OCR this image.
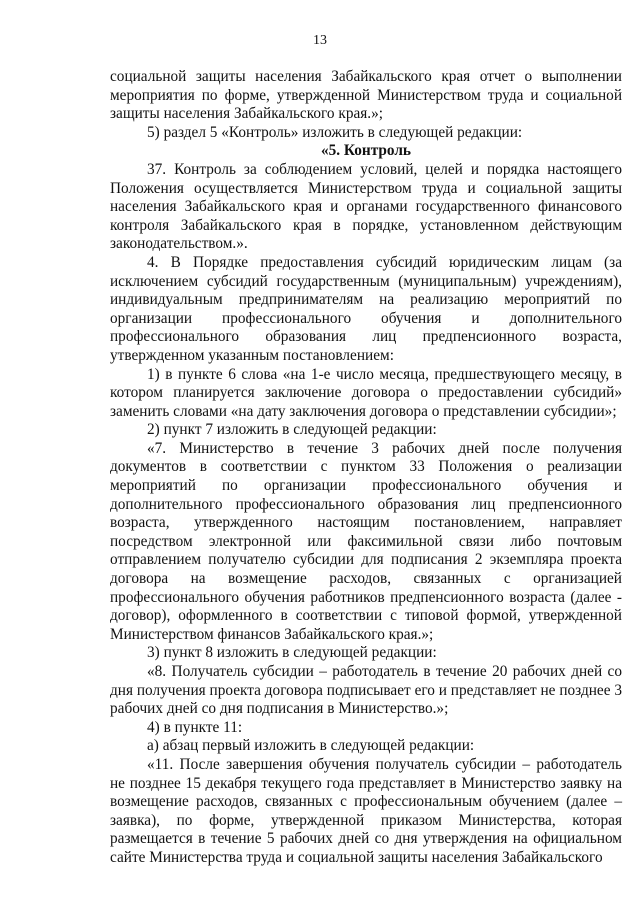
13

социальной защиты населения Забайкальского края отчет о выполнении мероприятия по форме, утвержденной Министерством труда и социальной защиты населения Забайкальского края.»;

5) раздел 5 «Контроль» изложить в следующей редакции:

«5. Контроль

37. Контроль за соблюдением условий, целей и порядка настоящего Положения осуществляется Министерством труда и социальной защиты населения Забайкальского края и органами государственного финансового контроля Забайкальского края в порядке, установленном действующим законодательством.».

4. В Порядке предоставления субсидий юридическим лицам (за исключением субсидий государственным (муниципальным) учреждениям), индивидуальным предпринимателям на реализацию мероприятий по организации профессионального обучения и дополнительного профессионального образования лиц предпенсионного возраста, утвержденном указанным постановлением:

1) в пункте 6 слова «на 1-е число месяца, предшествующего месяцу, в котором планируется заключение договора о предоставлении субсидий» заменить словами «на дату заключения договора о представлении субсидии»;

2) пункт 7 изложить в следующей редакции:

«7. Министерство в течение 3 рабочих дней после получения документов в соответствии с пунктом 33 Положения о реализации мероприятий по организации профессионального обучения и дополнительного профессионального образования лиц предпенсионного возраста, утвержденного настоящим постановлением, направляет посредством электронной или факсимильной связи либо почтовым отправлением получателю субсидии для подписания 2 экземпляра проекта договора на возмещение расходов, связанных с организацией профессионального обучения работников предпенсионного возраста (далее - договор), оформленного в соответствии с типовой формой, утвержденной Министерством финансов Забайкальского края.»;

3) пункт 8 изложить в следующей редакции:

«8. Получатель субсидии – работодатель в течение 20 рабочих дней со дня получения проекта договора подписывает его и представляет не позднее 3 рабочих дней со дня подписания в Министерство.»;

4) в пункте 11:

а) абзац первый изложить в следующей редакции:

«11. После завершения обучения получатель субсидии – работодатель не позднее 15 декабря текущего года представляет в Министерство заявку на возмещение расходов, связанных с профессиональным обучением (далее – заявка), по форме, утвержденной приказом Министерства, которая размещается в течение 5 рабочих дней со дня утверждения на официальном сайте Министерства труда и социальной защиты населения Забайкальского
